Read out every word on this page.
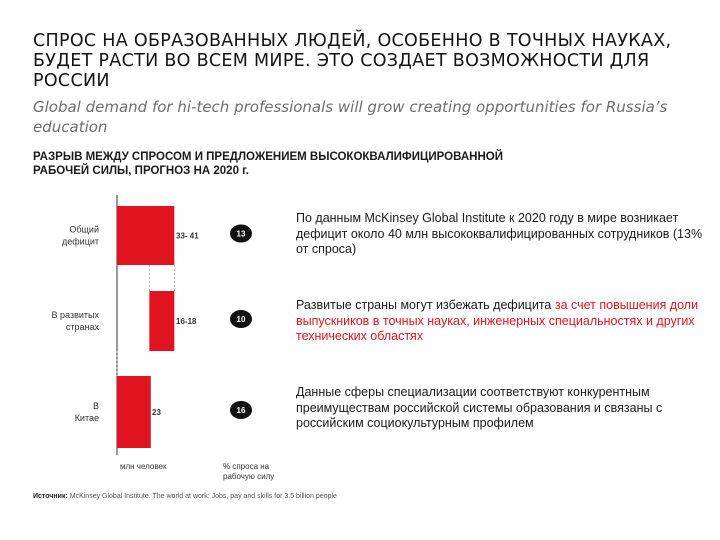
СПРОС НА ОБРАЗОВАННЫХ ЛЮДЕЙ, ОСОБЕННО В ТОЧНЫХ НАУКАХ, БУДЕТ РАСТИ ВО ВСЕМ МИРЕ. ЭТО СОЗДАЕТ ВОЗМОЖНОСТИ ДЛЯ РОССИИ
Global demand for hi-tech professionals will grow creating opportunities for Russia’s education
РАЗРЫВ МЕЖДУ СПРОСОМ И ПРЕДЛОЖЕНИЕМ ВЫСОКОКВАЛИФИЦИРОВАННОЙ РАБОЧЕЙ СИЛЫ, ПРОГНОЗ НА 2020 г.
Общий дефицит
33- 41	13
В развитых странах
16-18	10
В Китае
23	16
млн человек	% спроса на рабочую силу
По данным McKinsey Global Institute к 2020 году в мире возникает дефицит около 40 млн высококвалифицированных сотрудников (13% от спроса)
Развитые страны могут избежать дефицита за счет повышения доли выпускников в точных науках, инженерных специальностях и других технических областях
Данные сферы специализации соответствуют конкурентным преимуществам российской системы образования и связаны с российским социокультурным профилем
Источник: McKinsey Global Institute. The world at work: Jobs, pay and skills for 3.5 billion people
